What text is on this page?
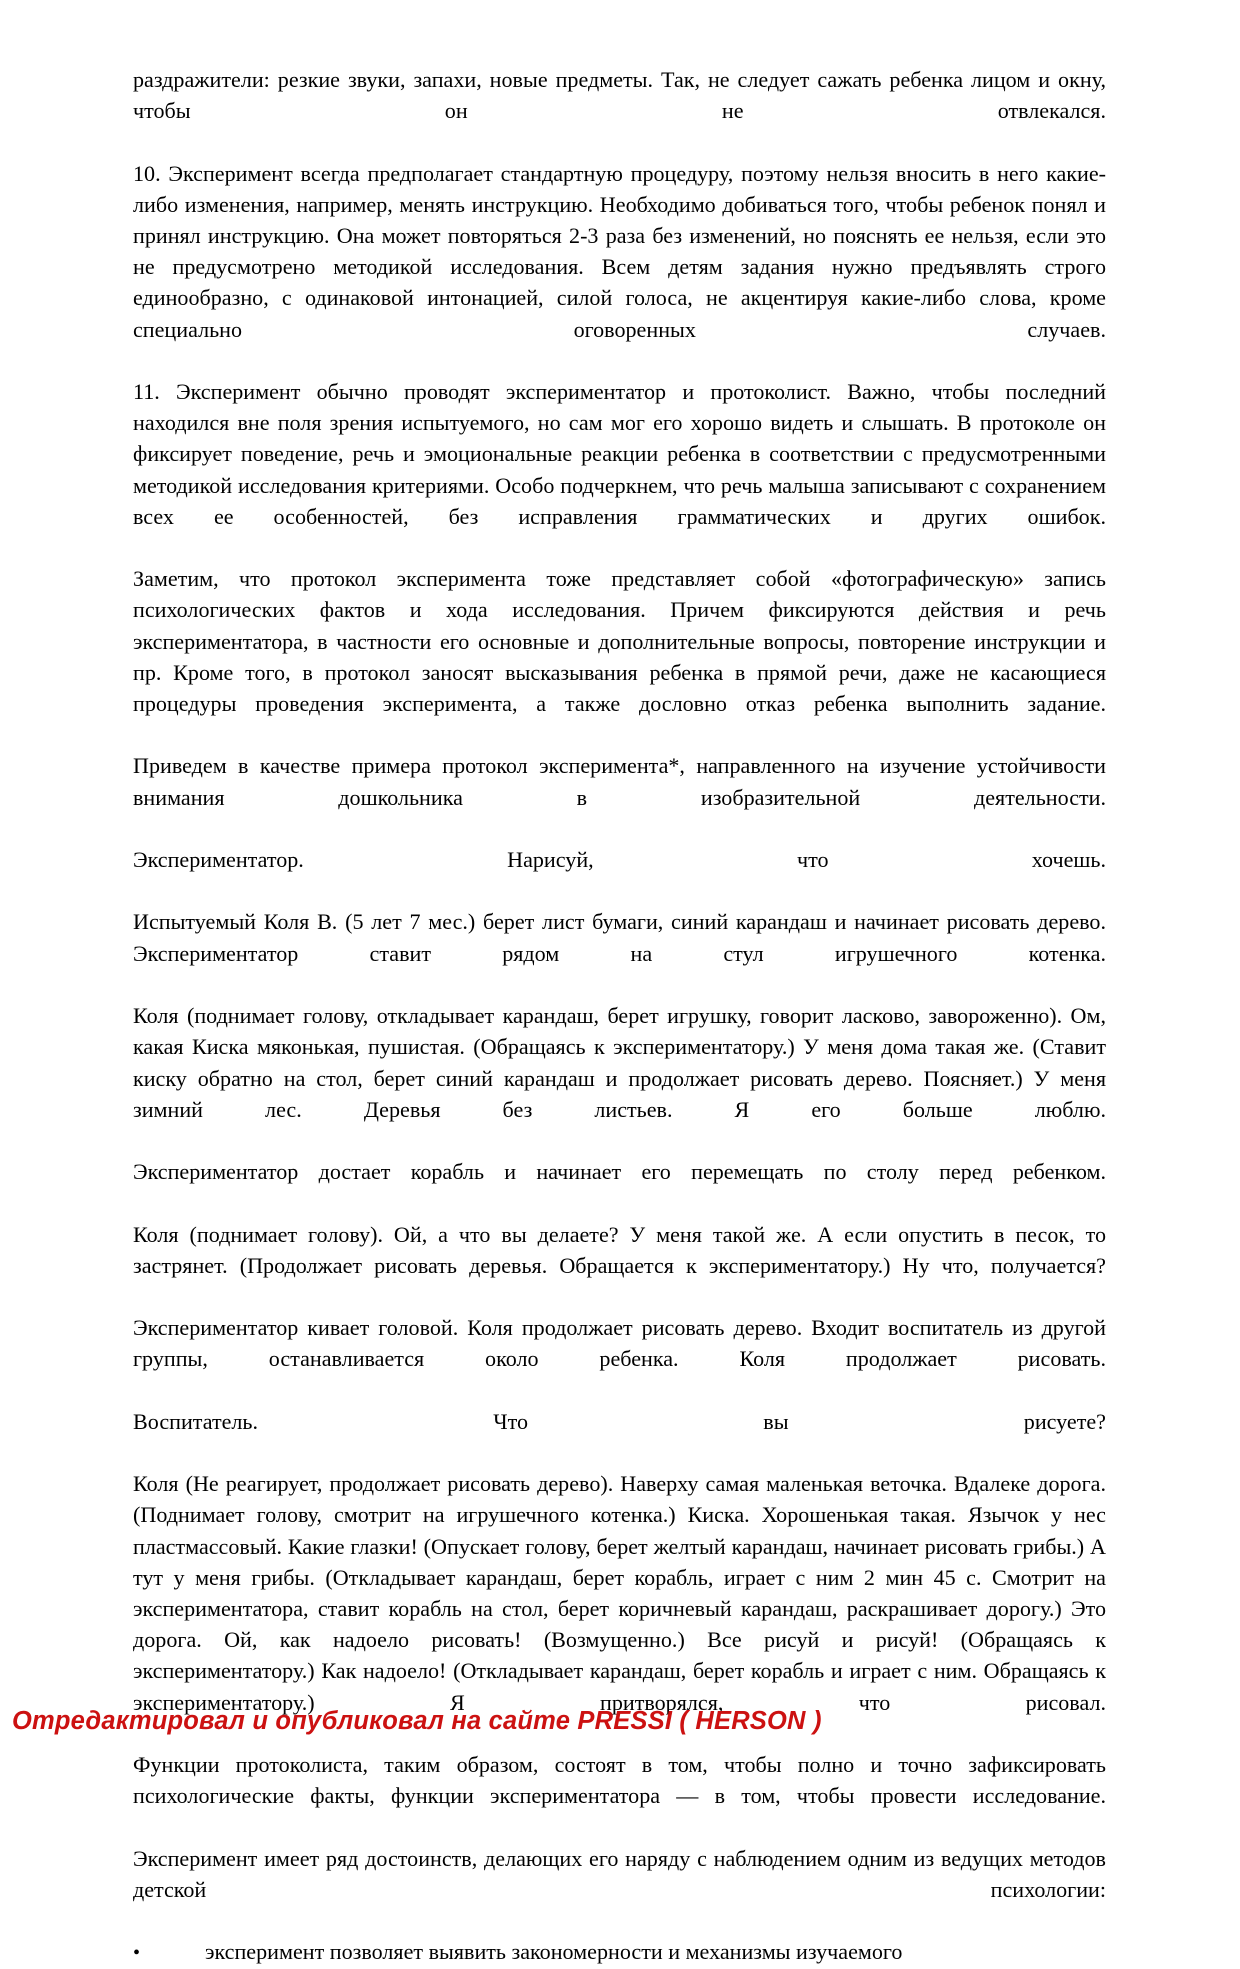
раздражители: резкие звуки, запахи, новые предметы. Так, не следует сажать ребенка лицом и окну, чтобы он не отвлекался.

10. Эксперимент всегда предполагает стандартную процедуру, поэтому нельзя вносить в него какие-либо изменения, например, менять инструкцию. Необходимо добиваться того, чтобы ребенок понял и принял инструкцию. Она может повторяться 2-3 раза без изменений, но пояснять ее нельзя, если это не предусмотрено методикой исследования. Всем детям задания нужно предъявлять строго единообразно, с одинаковой интонацией, силой голоса, не акцентируя какие-либо слова, кроме специально оговоренных случаев.

11. Эксперимент обычно проводят экспериментатор и протоколист. Важно, чтобы последний находился вне поля зрения испытуемого, но сам мог его хорошо видеть и слышать. В протоколе он фиксирует поведение, речь и эмоциональные реакции ребенка в соответствии с предусмотренными методикой исследования критериями. Особо подчеркнем, что речь малыша записывают с сохранением всех ее особенностей, без исправления грамматических и других ошибок.

Заметим, что протокол эксперимента тоже представляет собой «фотографическую» запись психологических фактов и хода исследования. Причем фиксируются действия и речь экспериментатора, в частности его основные и дополнительные вопросы, повторение инструкции и пр. Кроме того, в протокол заносят высказывания ребенка в прямой речи, даже не касающиеся процедуры проведения эксперимента, а также дословно отказ ребенка выполнить задание.

Приведем в качестве примера протокол эксперимента*, направленного на изучение устойчивости внимания дошкольника в изобразительной деятельности.

Экспериментатор. Нарисуй, что хочешь.

Испытуемый Коля В. (5 лет 7 мес.) берет лист бумаги, синий карандаш и начинает рисовать дерево. Экспериментатор ставит рядом на стул игрушечного котенка.

Коля (поднимает голову, откладывает карандаш, берет игрушку, говорит ласково, завороженно). Ом, какая Киска мяконькая, пушистая. (Обращаясь к экспериментатору.) У меня дома такая же. (Ставит киску обратно на стол, берет синий карандаш и продолжает рисовать дерево. Поясняет.) У меня зимний лес. Деревья без листьев. Я его больше люблю.

Экспериментатор достает корабль и начинает его перемещать по столу перед ребенком.

Коля (поднимает голову). Ой, а что вы делаете? У меня такой же. А если опустить в песок, то застрянет. (Продолжает рисовать деревья. Обращается к экспериментатору.) Ну что, получается?

Экспериментатор кивает головой. Коля продолжает рисовать дерево. Входит воспитатель из другой группы, останавливается около ребенка. Коля продолжает рисовать.

Воспитатель. Что вы рисуете?

Коля (Не реагирует, продолжает рисовать дерево). Наверху самая маленькая веточка. Вдалеке дорога. (Поднимает голову, смотрит на игрушечного котенка.) Киска. Хорошенькая такая. Язычок у нес пластмассовый. Какие глазки! (Опускает голову, берет желтый карандаш, начинает рисовать грибы.) А тут у меня грибы. (Откладывает карандаш, берет корабль, играет с ним 2 мин 45 с. Смотрит на экспериментатора, ставит корабль на стол, берет коричневый карандаш, раскрашивает дорогу.) Это дорога. Ой, как надоело рисовать! (Возмущенно.) Все рисуй и рисуй! (Обращаясь к экспериментатору.) Как надоело! (Откладывает карандаш, берет корабль и играет с ним. Обращаясь к экспериментатору.) Я притворялся, что рисовал.

Функции протоколиста, таким образом, состоят в том, чтобы полно и точно зафиксировать психологические факты, функции экспериментатора — в том, чтобы провести исследование.

Эксперимент имеет ряд достоинств, делающих его наряду с наблюдением одним из ведущих методов детской психологии:

•	эксперимент позволяет выявить закономерности и механизмы изучаемого
Отредактировал и опубликовал на сайте PRESSI ( HERSON )
